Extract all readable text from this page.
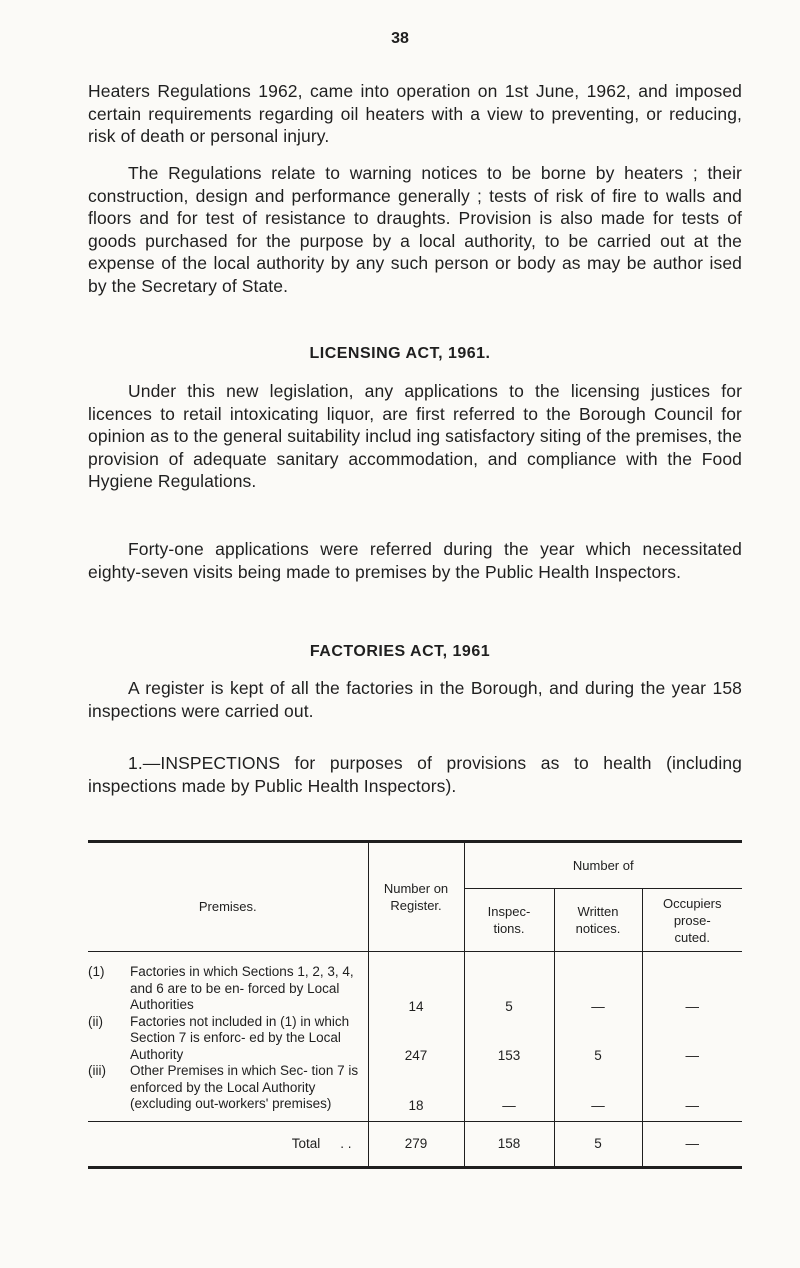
38

Heaters Regulations 1962, came into operation on 1st June, 1962, and imposed certain requirements regarding oil heaters with a view to preventing, or reducing, risk of death or personal injury.

The Regulations relate to warning notices to be borne by heaters ; their construction, design and performance generally ; tests of risk of fire to walls and floors and for test of resistance to draughts. Provision is also made for tests of goods purchased for the purpose by a local authority, to be carried out at the expense of the local authority by any such person or body as may be author ised by the Secretary of State.

LICENSING ACT, 1961.

Under this new legislation, any applications to the licensing justices for licences to retail intoxicating liquor, are first referred to the Borough Council for opinion as to the general suitability includ ing satisfactory siting of the premises, the provision of adequate sanitary accommodation, and compliance with the Food Hygiene Regulations.

Forty-one applications were referred during the year which necessitated eighty-seven visits being made to premises by the Public Health Inspectors.

FACTORIES ACT, 1961

A register is kept of all the factories in the Borough, and during the year 158 inspections were carried out.

1.—INSPECTIONS for purposes of provisions as to health (including inspections made by Public Health Inspectors).

Premises.	Number on Register.	Number of		
		Inspec- tions.	Written notices.	Occupiers prose- cuted.

(1) Factories in which Sections 1, 2, 3, 4, and 6 are to be en- forced by Local Authorities	14	5	—	—

(ii) Factories not included in (1) in which Section 7 is enforc- ed by the Local Authority	247	153	5	—

(iii) Other Premises in which Sec- tion 7 is enforced by the Local Authority (excluding out-workers' premises)	18	—	—	—
Total . .	279	158	5	—
